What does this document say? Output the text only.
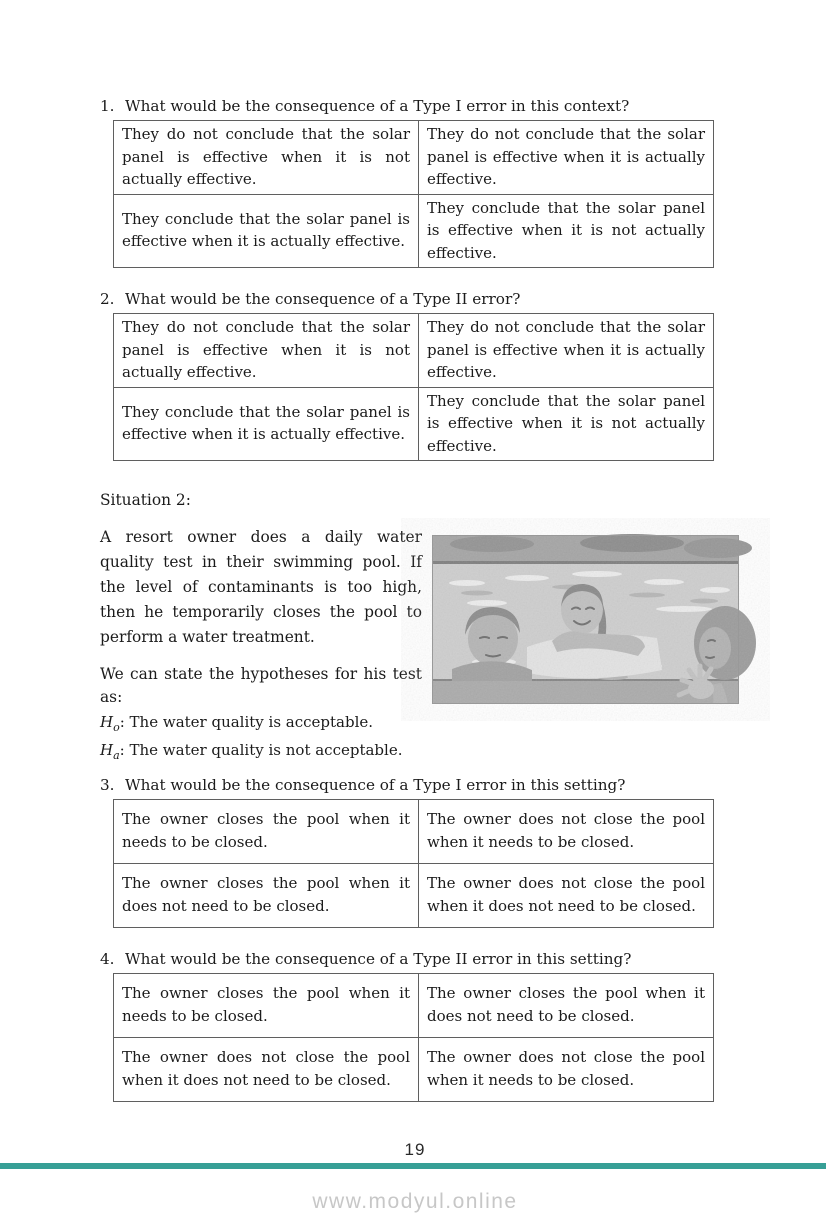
1. What would be the consequence of a Type I error in this context?
They do not conclude that the solar panel is effective when it is not actually effective.	They do not conclude that the solar panel is effective when it is actually effective.
They conclude that the solar panel is effective when it is actually effective.	They conclude that the solar panel is effective when it is not actually effective.
2. What would be the consequence of a Type II error?
They do not conclude that the solar panel is effective when it is not actually effective.	They do not conclude that the solar panel is effective when it is actually effective.
They conclude that the solar panel is effective when it is actually effective.	They conclude that the solar panel is effective when it is not actually effective.

Situation 2:

A resort owner does a daily water quality test in their swimming pool. If the level of contaminants is too high, then he temporarily closes the pool to perform a water treatment.

We can state the hypotheses for his test as:

$H_o$: The water quality is acceptable.

$H_a$: The water quality is not acceptable.

3. What would be the consequence of a Type I error in this setting?
The owner closes the pool when it needs to be closed.	The owner does not close the pool when it needs to be closed.
The owner closes the pool when it does not need to be closed.	The owner does not close the pool when it does not need to be closed.
4. What would be the consequence of a Type II error in this setting?
The owner closes the pool when it needs to be closed.	The owner closes the pool when it does not need to be closed.
The owner does not close the pool when it does not need to be closed.	The owner does not close the pool when it needs to be closed.
19
www.modyul.online
